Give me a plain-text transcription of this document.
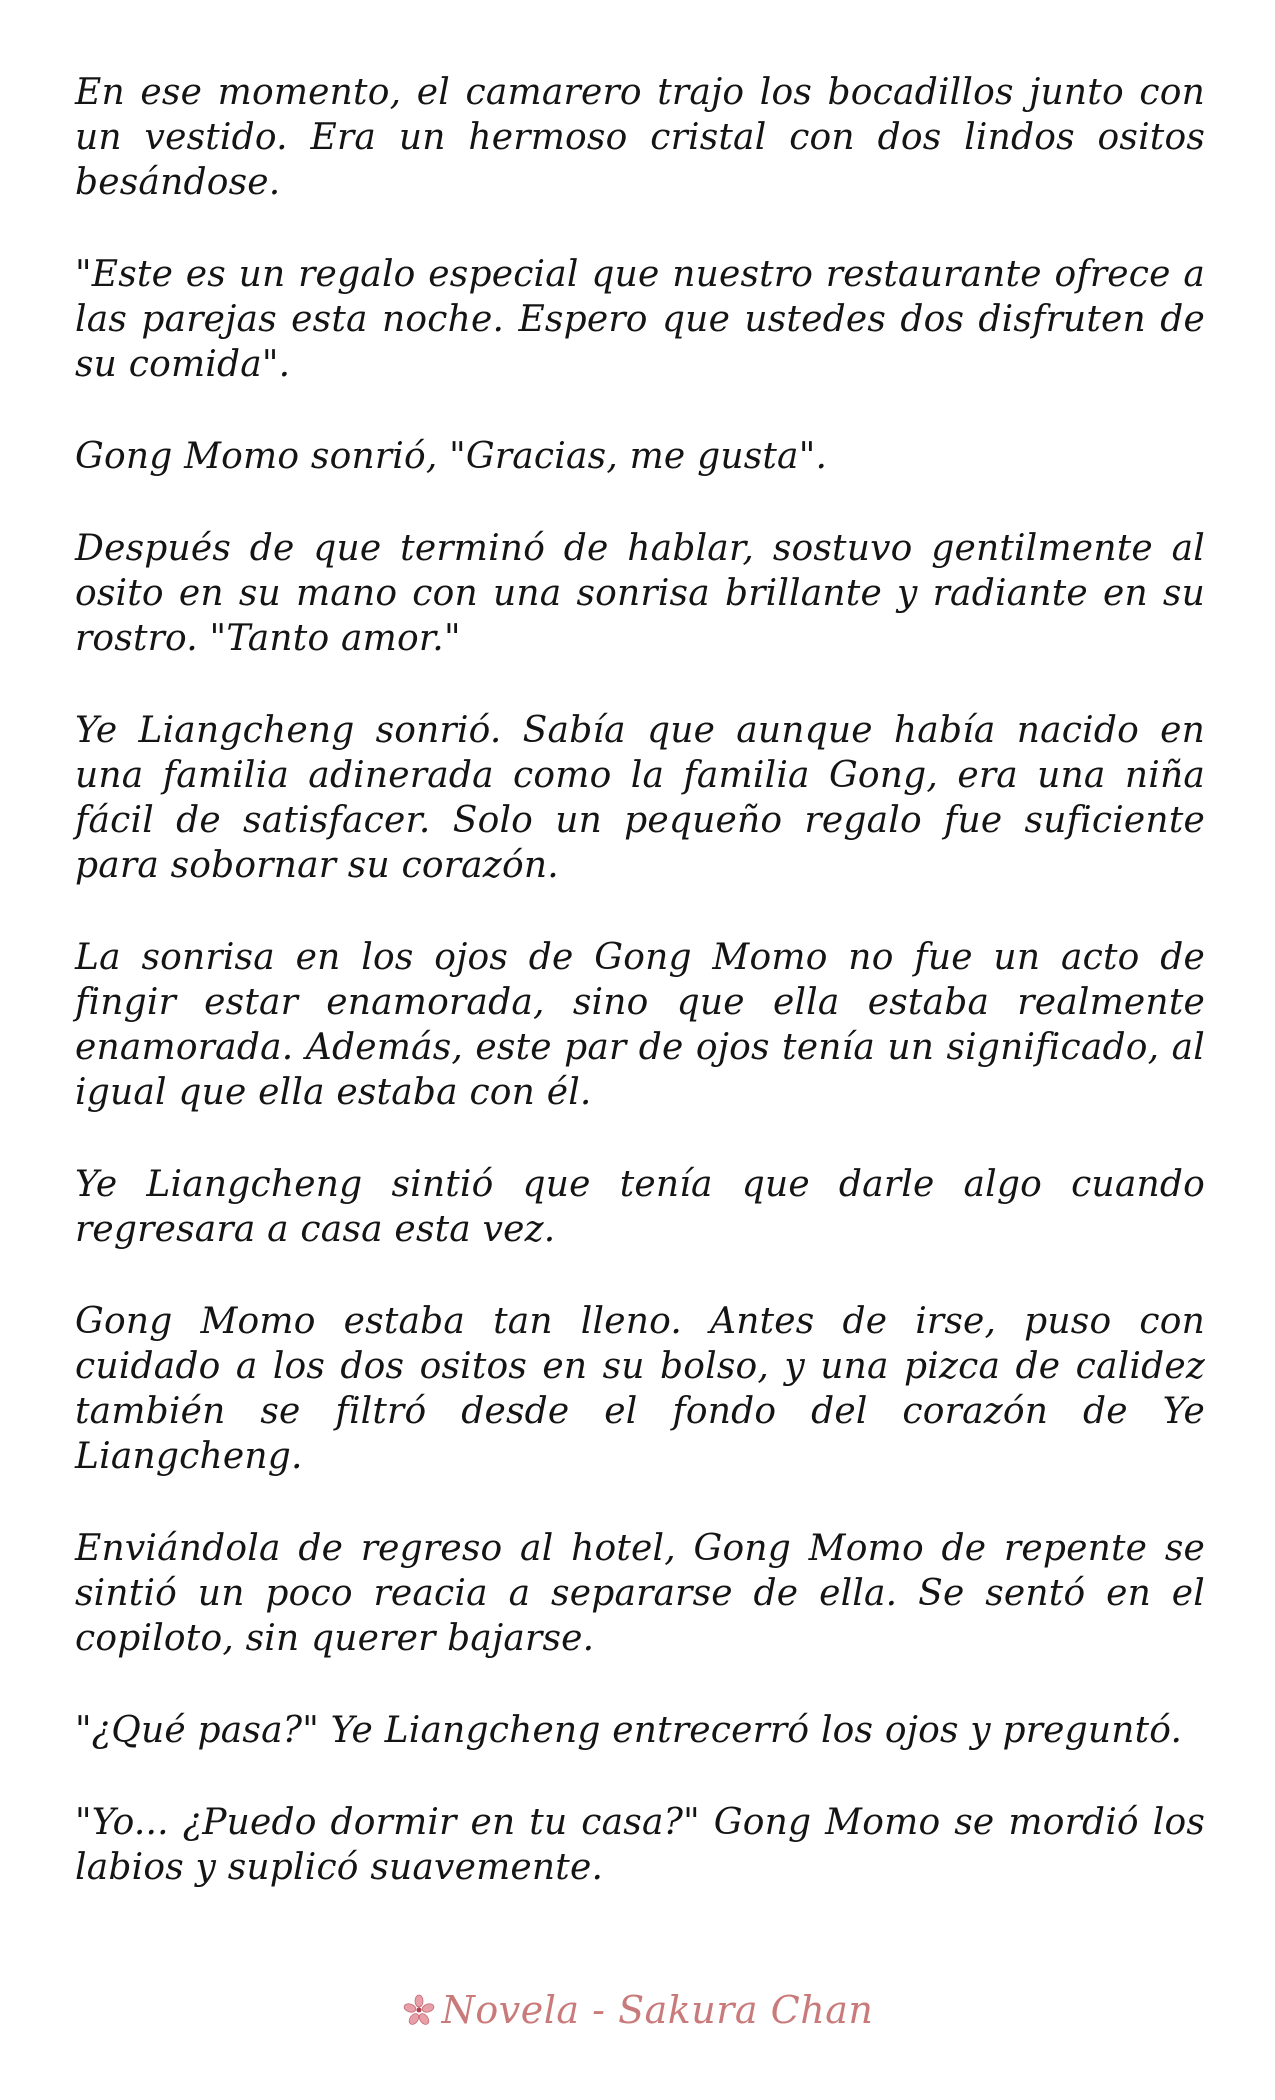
En ese momento, el camarero trajo los bocadillos junto con un vestido. Era un hermoso cristal con dos lindos ositos besándose.

"Este es un regalo especial que nuestro restaurante ofrece a las parejas esta noche. Espero que ustedes dos disfruten de su comida".

Gong Momo sonrió, "Gracias, me gusta".

Después de que terminó de hablar, sostuvo gentilmente al osito en su mano con una sonrisa brillante y radiante en su rostro. "Tanto amor."

Ye Liangcheng sonrió. Sabía que aunque había nacido en una familia adinerada como la familia Gong, era una niña fácil de satisfacer. Solo un pequeño regalo fue suficiente para sobornar su corazón.

La sonrisa en los ojos de Gong Momo no fue un acto de fingir estar enamorada, sino que ella estaba realmente enamorada. Además, este par de ojos tenía un significado, al igual que ella estaba con él.

Ye Liangcheng sintió que tenía que darle algo cuando regresara a casa esta vez.

Gong Momo estaba tan lleno. Antes de irse, puso con cuidado a los dos ositos en su bolso, y una pizca de calidez también se filtró desde el fondo del corazón de Ye Liangcheng.

Enviándola de regreso al hotel, Gong Momo de repente se sintió un poco reacia a separarse de ella. Se sentó en el copiloto, sin querer bajarse.

"¿Qué pasa?" Ye Liangcheng entrecerró los ojos y preguntó.

"Yo... ¿Puedo dormir en tu casa?" Gong Momo se mordió los labios y suplicó suavemente.

Novela - Sakura Chan
